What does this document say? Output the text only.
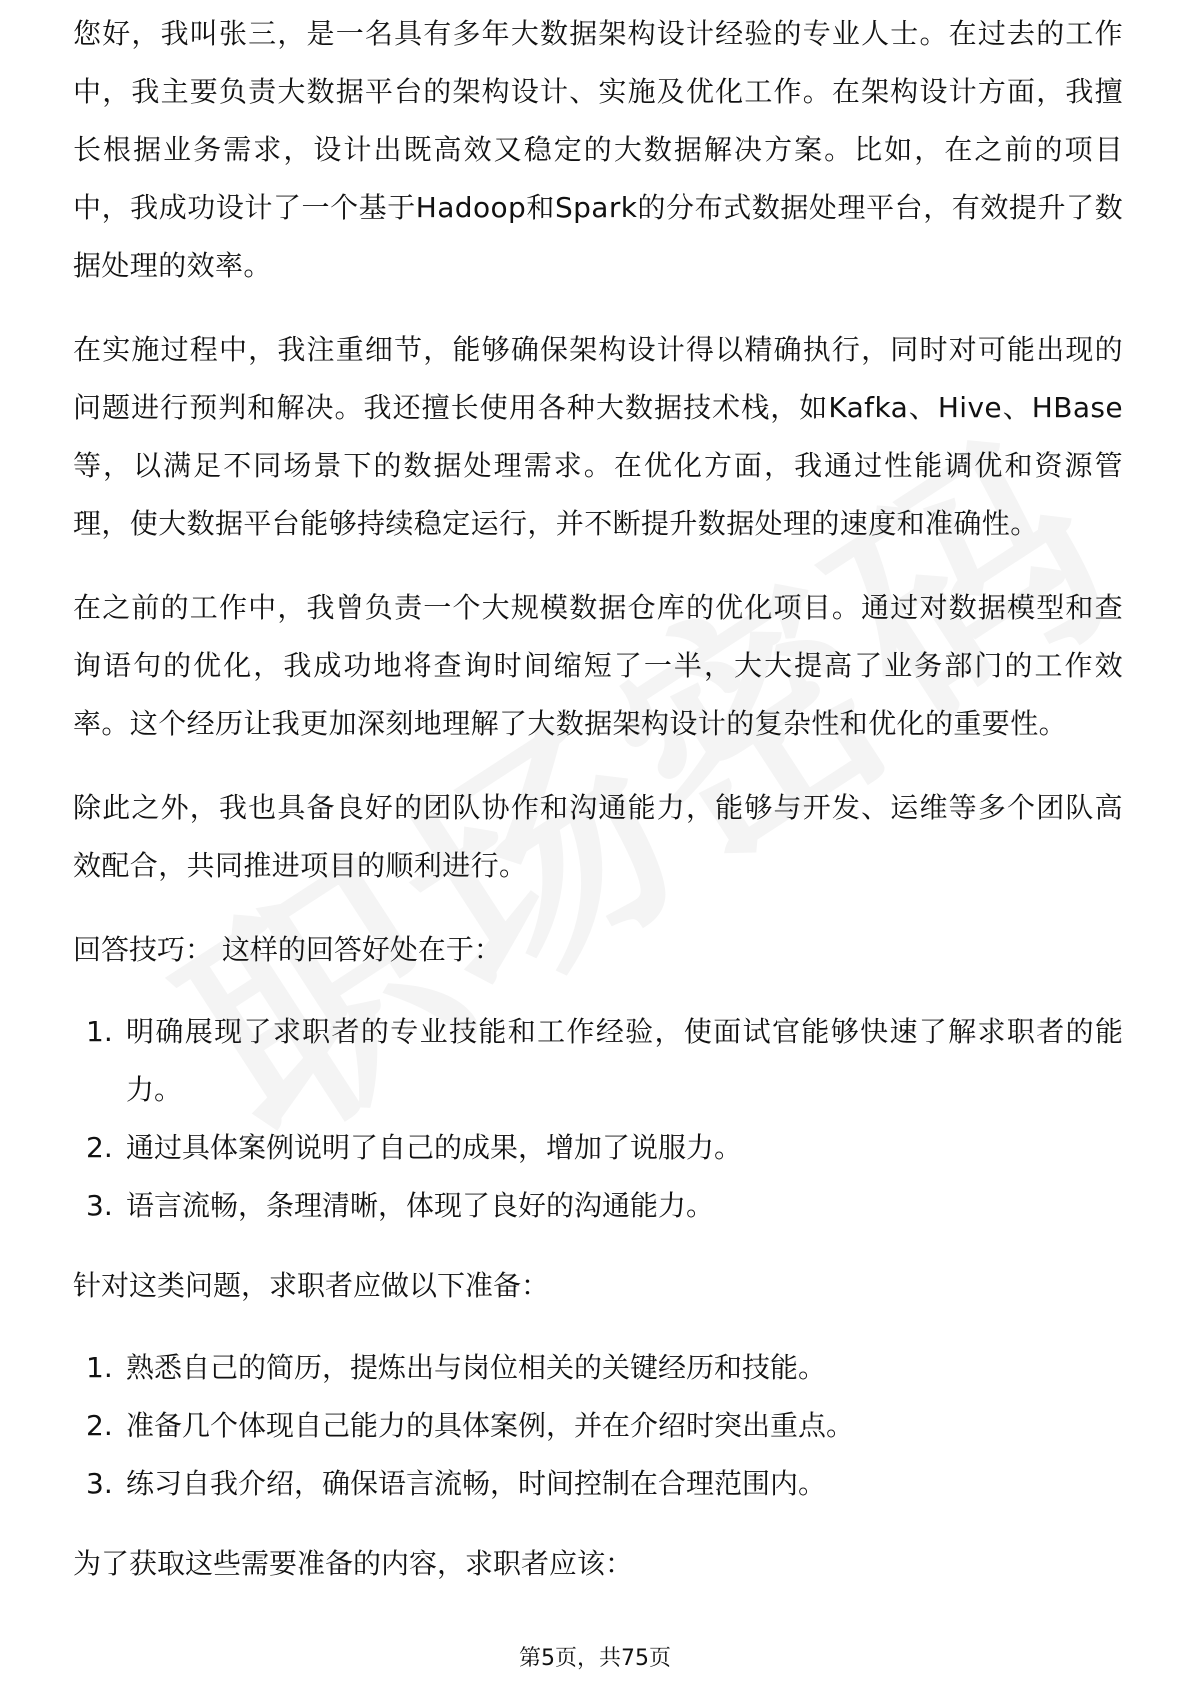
您好，我叫张三，是一名具有多年大数据架构设计经验的专业人士。在过去的工作中，我主要负责大数据平台的架构设计、实施及优化工作。在架构设计方面，我擅长根据业务需求，设计出既高效又稳定的大数据解决方案。比如，在之前的项目中，我成功设计了一个基于Hadoop和Spark的分布式数据处理平台，有效提升了数据处理的效率。

在实施过程中，我注重细节，能够确保架构设计得以精确执行，同时对可能出现的问题进行预判和解决。我还擅长使用各种大数据技术栈，如Kafka、Hive、HBase等，以满足不同场景下的数据处理需求。在优化方面，我通过性能调优和资源管理，使大数据平台能够持续稳定运行，并不断提升数据处理的速度和准确性。

在之前的工作中，我曾负责一个大规模数据仓库的优化项目。通过对数据模型和查询语句的优化，我成功地将查询时间缩短了一半，大大提高了业务部门的工作效率。这个经历让我更加深刻地理解了大数据架构设计的复杂性和优化的重要性。

除此之外，我也具备良好的团队协作和沟通能力，能够与开发、运维等多个团队高效配合，共同推进项目的顺利进行。

回答技巧： 这样的回答好处在于：
1. 明确展现了求职者的专业技能和工作经验，使面试官能够快速了解求职者的能力。
2. 通过具体案例说明了自己的成果，增加了说服力。
3. 语言流畅，条理清晰，体现了良好的沟通能力。
针对这类问题，求职者应做以下准备：
1. 熟悉自己的简历，提炼出与岗位相关的关键经历和技能。
2. 准备几个体现自己能力的具体案例，并在介绍时突出重点。
3. 练习自我介绍，确保语言流畅，时间控制在合理范围内。
为了获取这些需要准备的内容，求职者应该：
第5页，共75页
